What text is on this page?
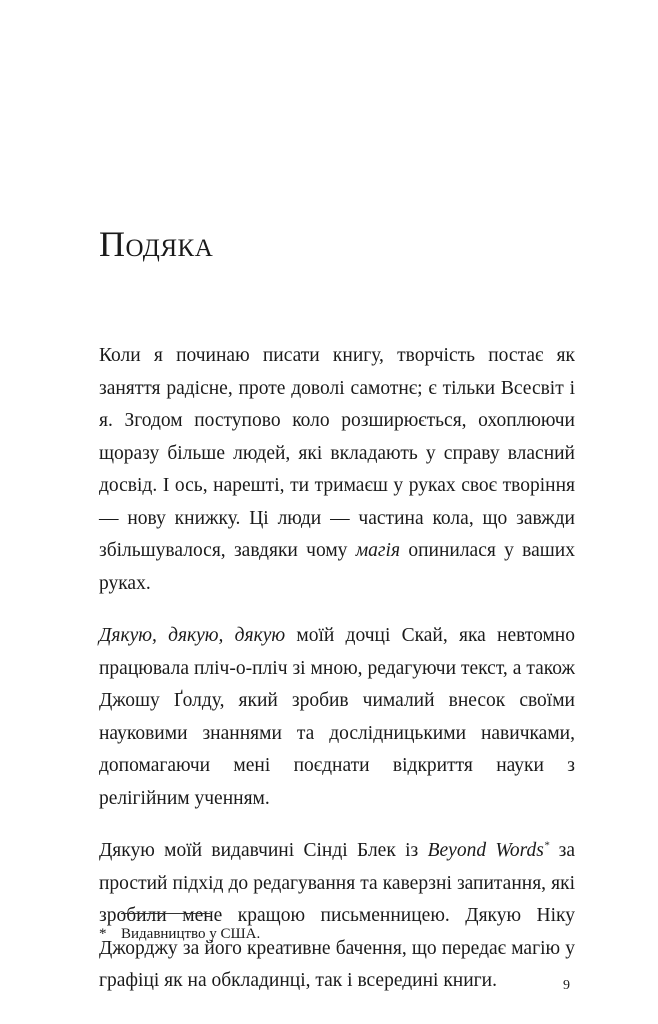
Подяка

Коли я починаю писати книгу, творчість постає як заняття радісне, проте доволі самотнє; є тільки Всесвіт і я. Згодом поступово коло розширюється, охоплюючи щоразу більше людей, які вкладають у справу власний досвід. І ось, нарешті, ти тримаєш у руках своє творіння — нову книжку. Ці люди — частина кола, що завжди збільшувалося, завдяки чому магія опинилася у ваших руках.

Дякую, дякую, дякую моїй дочці Скай, яка невтомно працювала пліч-о-пліч зі мною, редагуючи текст, а також Джошу Ґолду, який зробив чималий внесок своїми науковими знаннями та дослідницькими навичками, допомагаючи мені поєднати відкриття науки з релігійним ученням.

Дякую моїй видавчині Сінді Блек із Beyond Words* за простий підхід до редагування та каверзні запитання, які зробили мене кращою письменницею. Дякую Ніку Джорджу за його креативне бачення, що передає магію у графіці як на обкладинці, так і всередині книги.

* Видавництво у США.
9
